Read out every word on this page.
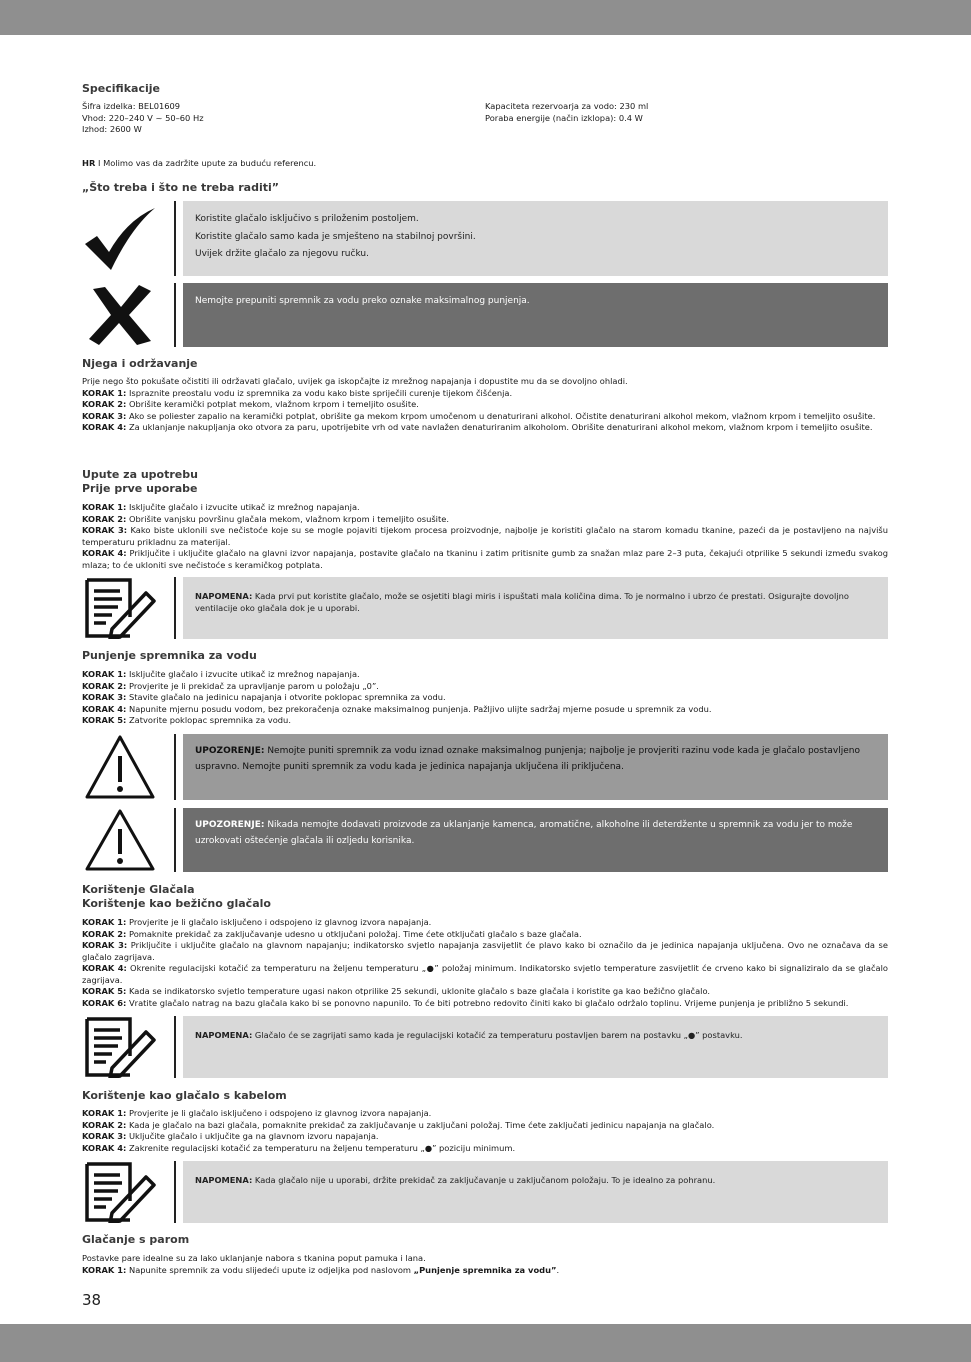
Specifikacije
Šifra izdelka: BEL01609
Vhod: 220–240 V ~ 50–60 Hz
Izhod: 2600 W
Kapaciteta rezervoarja za vodo: 230 ml
Poraba energije (način izklopa): 0.4 W
HR I Molimo vas da zadržite upute za buduću referencu.
„Što treba i što ne treba raditi”
Koristite glačalo isključivo s priloženim postoljem.
Koristite glačalo samo kada je smješteno na stabilnoj površini.
Uvijek držite glačalo za njegovu ručku.
Nemojte prepuniti spremnik za vodu preko oznake maksimalnog punjenja.
Njega i održavanje
Prije nego što pokušate očistiti ili održavati glačalo, uvijek ga iskopčajte iz mrežnog napajanja i dopustite mu da se dovoljno ohladi.
KORAK 1: Ispraznite preostalu vodu iz spremnika za vodu kako biste spriječili curenje tijekom čišćenja.
KORAK 2: Obrišite keramički potplat mekom, vlažnom krpom i temeljito osušite.
KORAK 3: Ako se poliester zapalio na keramički potplat, obrišite ga mekom krpom umočenom u denaturirani alkohol. Očistite denaturirani alkohol mekom, vlažnom krpom i temeljito osušite.
KORAK 4: Za uklanjanje nakupljanja oko otvora za paru, upotrijebite vrh od vate navlažen denaturiranim alkoholom. Obrišite denaturirani alkohol mekom, vlažnom krpom i temeljito osušite.
Upute za upotrebu
Prije prve uporabe
KORAK 1: Isključite glačalo i izvucite utikač iz mrežnog napajanja.
KORAK 2: Obrišite vanjsku površinu glačala mekom, vlažnom krpom i temeljito osušite.
KORAK 3: Kako biste uklonili sve nečistoće koje su se mogle pojaviti tijekom procesa proizvodnje, najbolje je koristiti glačalo na starom komadu tkanine, pazeći da je postavljeno na najvišu temperaturu prikladnu za materijal.
KORAK 4: Priključite i uključite glačalo na glavni izvor napajanja, postavite glačalo na tkaninu i zatim pritisnite gumb za snažan mlaz pare 2–3 puta, čekajući otprilike 5 sekundi između svakog mlaza; to će ukloniti sve nečistoće s keramičkog potplata.
NAPOMENA: Kada prvi put koristite glačalo, može se osjetiti blagi miris i ispuštati mala količina dima. To je normalno i ubrzo će prestati. Osigurajte dovoljno ventilacije oko glačala dok je u uporabi.
Punjenje spremnika za vodu
KORAK 1: Isključite glačalo i izvucite utikač iz mrežnog napajanja.
KORAK 2: Provjerite je li prekidač za upravljanje parom u položaju „0”.
KORAK 3: Stavite glačalo na jedinicu napajanja i otvorite poklopac spremnika za vodu.
KORAK 4: Napunite mjernu posudu vodom, bez prekoračenja oznake maksimalnog punjenja. Pažljivo ulijte sadržaj mjerne posude u spremnik za vodu.
KORAK 5: Zatvorite poklopac spremnika za vodu.
UPOZORENJE: Nemojte puniti spremnik za vodu iznad oznake maksimalnog punjenja; najbolje je provjeriti razinu vode kada je glačalo postavljeno uspravno. Nemojte puniti spremnik za vodu kada je jedinica napajanja uključena ili priključena.
UPOZORENJE: Nikada nemojte dodavati proizvode za uklanjanje kamenca, aromatične, alkoholne ili deterdžente u spremnik za vodu jer to može uzrokovati oštećenje glačala ili ozljedu korisnika.
Korištenje Glačala
Korištenje kao bežično glačalo
KORAK 1: Provjerite je li glačalo isključeno i odspojeno iz glavnog izvora napajanja.
KORAK 2: Pomaknite prekidač za zaključavanje udesno u otključani položaj. Time ćete otključati glačalo s baze glačala.
KORAK 3: Priključite i uključite glačalo na glavnom napajanju; indikatorsko svjetlo napajanja zasvijetlit će plavo kako bi označilo da je jedinica napajanja uključena. Ovo ne označava da se glačalo zagrijava.
KORAK 4: Okrenite regulacijski kotačić za temperaturu na željenu temperaturu „●” položaj minimum. Indikatorsko svjetlo temperature zasvijetlit će crveno kako bi signaliziralo da se glačalo zagrijava.
KORAK 5: Kada se indikatorsko svjetlo temperature ugasi nakon otprilike 25 sekundi, uklonite glačalo s baze glačala i koristite ga kao bežično glačalo.
KORAK 6: Vratite glačalo natrag na bazu glačala kako bi se ponovno napunilo. To će biti potrebno redovito činiti kako bi glačalo održalo toplinu. Vrijeme punjenja je približno 5 sekundi.
NAPOMENA: Glačalo će se zagrijati samo kada je regulacijski kotačić za temperaturu postavljen barem na postavku „●” postavku.
Korištenje kao glačalo s kabelom
KORAK 1: Provjerite je li glačalo isključeno i odspojeno iz glavnog izvora napajanja.
KORAK 2: Kada je glačalo na bazi glačala, pomaknite prekidač za zaključavanje u zaključani položaj. Time ćete zaključati jedinicu napajanja na glačalo.
KORAK 3: Uključite glačalo i uključite ga na glavnom izvoru napajanja.
KORAK 4: Zakrenite regulacijski kotačić za temperaturu na željenu temperaturu „●” poziciju minimum.
NAPOMENA: Kada glačalo nije u uporabi, držite prekidač za zaključavanje u zaključanom položaju. To je idealno za pohranu.
Glačanje s parom
Postavke pare idealne su za lako uklanjanje nabora s tkanina poput pamuka i lana.
KORAK 1: Napunite spremnik za vodu slijedeći upute iz odjeljka pod naslovom „Punjenje spremnika za vodu”.
38
